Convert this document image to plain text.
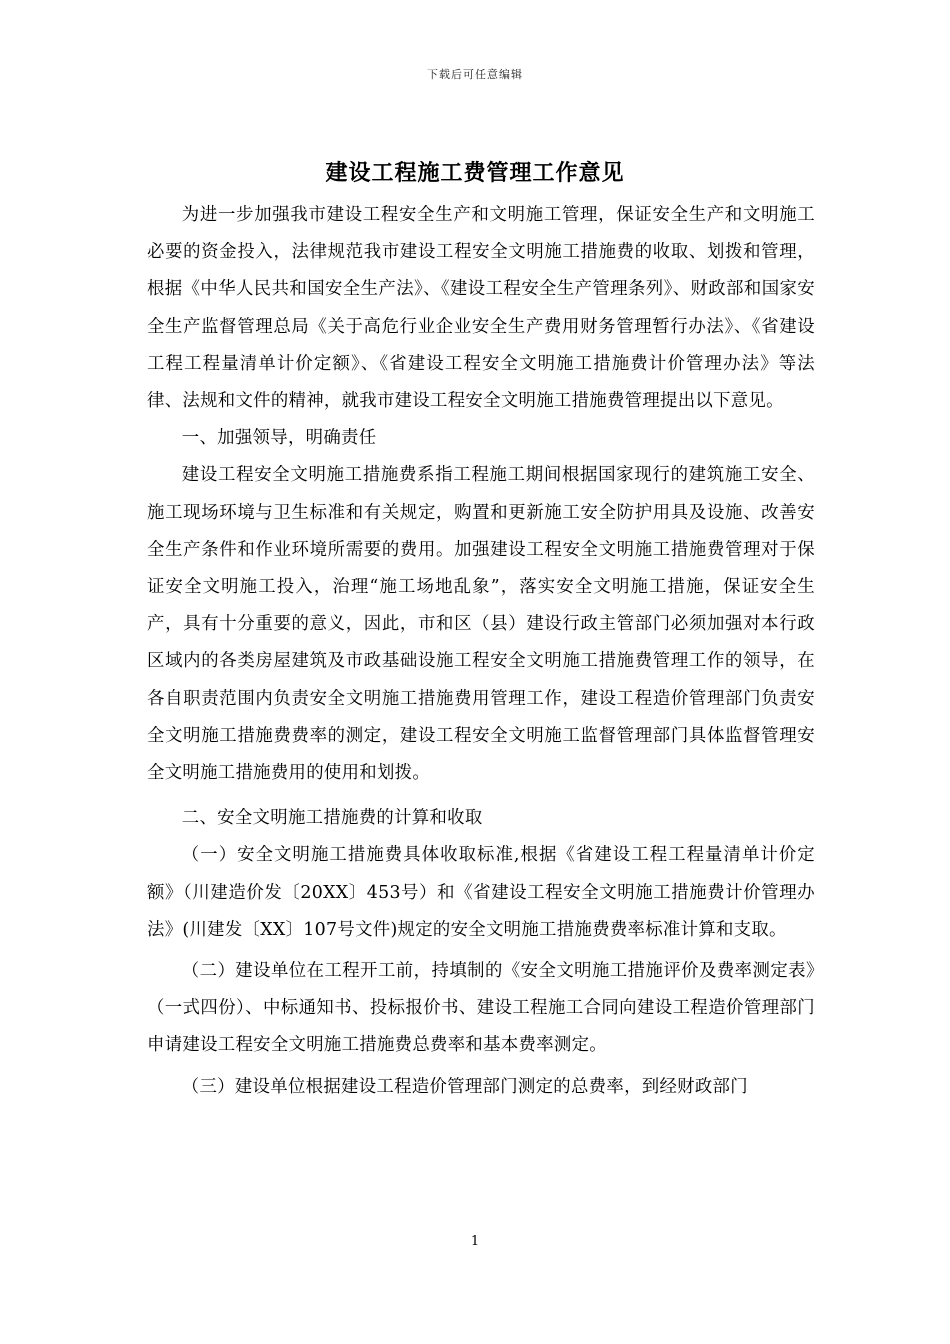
下载后可任意编辑
建设工程施工费管理工作意见

为进一步加强我市建设工程安全生产和文明施工管理，保证安全生产和文明施工必要的资金投入，法律规范我市建设工程安全文明施工措施费的收取、划拨和管理，根据《中华人民共和国安全生产法》、《建设工程安全生产管理条列》、财政部和国家安全生产监督管理总局《关于高危行业企业安全生产费用财务管理暂行办法》、《省建设工程工程量清单计价定额》、《省建设工程安全文明施工措施费计价管理办法》等法律、法规和文件的精神，就我市建设工程安全文明施工措施费管理提出以下意见。

一、加强领导，明确责任

建设工程安全文明施工措施费系指工程施工期间根据国家现行的建筑施工安全、施工现场环境与卫生标准和有关规定，购置和更新施工安全防护用具及设施、改善安全生产条件和作业环境所需要的费用。加强建设工程安全文明施工措施费管理对于保证安全文明施工投入，治理“施工场地乱象”，落实安全文明施工措施，保证安全生产，具有十分重要的意义，因此，市和区（县）建设行政主管部门必须加强对本行政区域内的各类房屋建筑及市政基础设施工程安全文明施工措施费管理工作的领导，在各自职责范围内负责安全文明施工措施费用管理工作，建设工程造价管理部门负责安全文明施工措施费费率的测定，建设工程安全文明施工监督管理部门具体监督管理安全文明施工措施费用的使用和划拨。

二、安全文明施工措施费的计算和收取

（一）安全文明施工措施费具体收取标准,根据《省建设工程工程量清单计价定额》（川建造价发〔20XX〕453号）和《省建设工程安全文明施工措施费计价管理办法》(川建发〔XX〕107号文件)规定的安全文明施工措施费费率标准计算和支取。

（二）建设单位在工程开工前，持填制的《安全文明施工措施评价及费率测定表》（一式四份）、中标通知书、投标报价书、建设工程施工合同向建设工程造价管理部门申请建设工程安全文明施工措施费总费率和基本费率测定。

（三）建设单位根据建设工程造价管理部门测定的总费率，到经财政部门

1
